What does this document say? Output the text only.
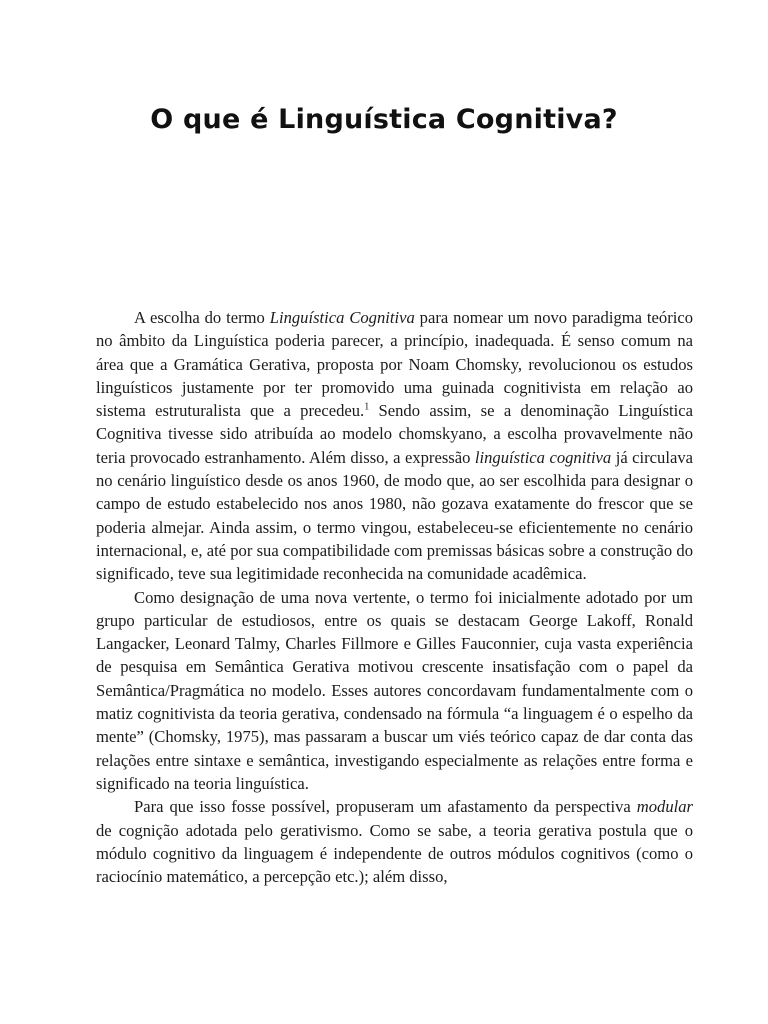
O que é Linguística Cognitiva?

A escolha do termo Linguística Cognitiva para nomear um novo paradigma teórico no âmbito da Linguística poderia parecer, a princípio, inadequada. É senso comum na área que a Gramática Gerativa, proposta por Noam Chomsky, revolucionou os estudos linguísticos justamente por ter promovido uma guinada cognitivista em relação ao sistema estruturalista que a precedeu.$^1$ Sendo assim, se a denominação Linguística Cognitiva tivesse sido atribuída ao modelo chomskyano, a escolha provavelmente não teria provocado estranhamento. Além disso, a expressão linguística cognitiva já circulava no cenário linguístico desde os anos 1960, de modo que, ao ser escolhida para designar o campo de estudo estabelecido nos anos 1980, não gozava exatamente do frescor que se poderia almejar. Ainda assim, o termo vingou, estabeleceu-se eficientemente no cenário internacional, e, até por sua compatibilidade com premissas básicas sobre a construção do significado, teve sua legitimidade reconhecida na comunidade acadêmica.

Como designação de uma nova vertente, o termo foi inicialmente adotado por um grupo particular de estudiosos, entre os quais se destacam George Lakoff, Ronald Langacker, Leonard Talmy, Charles Fillmore e Gilles Fauconnier, cuja vasta experiência de pesquisa em Semântica Gerativa motivou crescente insatisfação com o papel da Semântica/Pragmática no modelo. Esses autores concordavam fundamentalmente com o matiz cognitivista da teoria gerativa, condensado na fórmula “a linguagem é o espelho da mente” (Chomsky, 1975), mas passaram a buscar um viés teórico capaz de dar conta das relações entre sintaxe e semântica, investigando especialmente as relações entre forma e significado na teoria linguística.

Para que isso fosse possível, propuseram um afastamento da perspectiva modular de cognição adotada pelo gerativismo. Como se sabe, a teoria gerativa postula que o módulo cognitivo da linguagem é independente de outros módulos cognitivos (como o raciocínio matemático, a percepção etc.); além disso,
